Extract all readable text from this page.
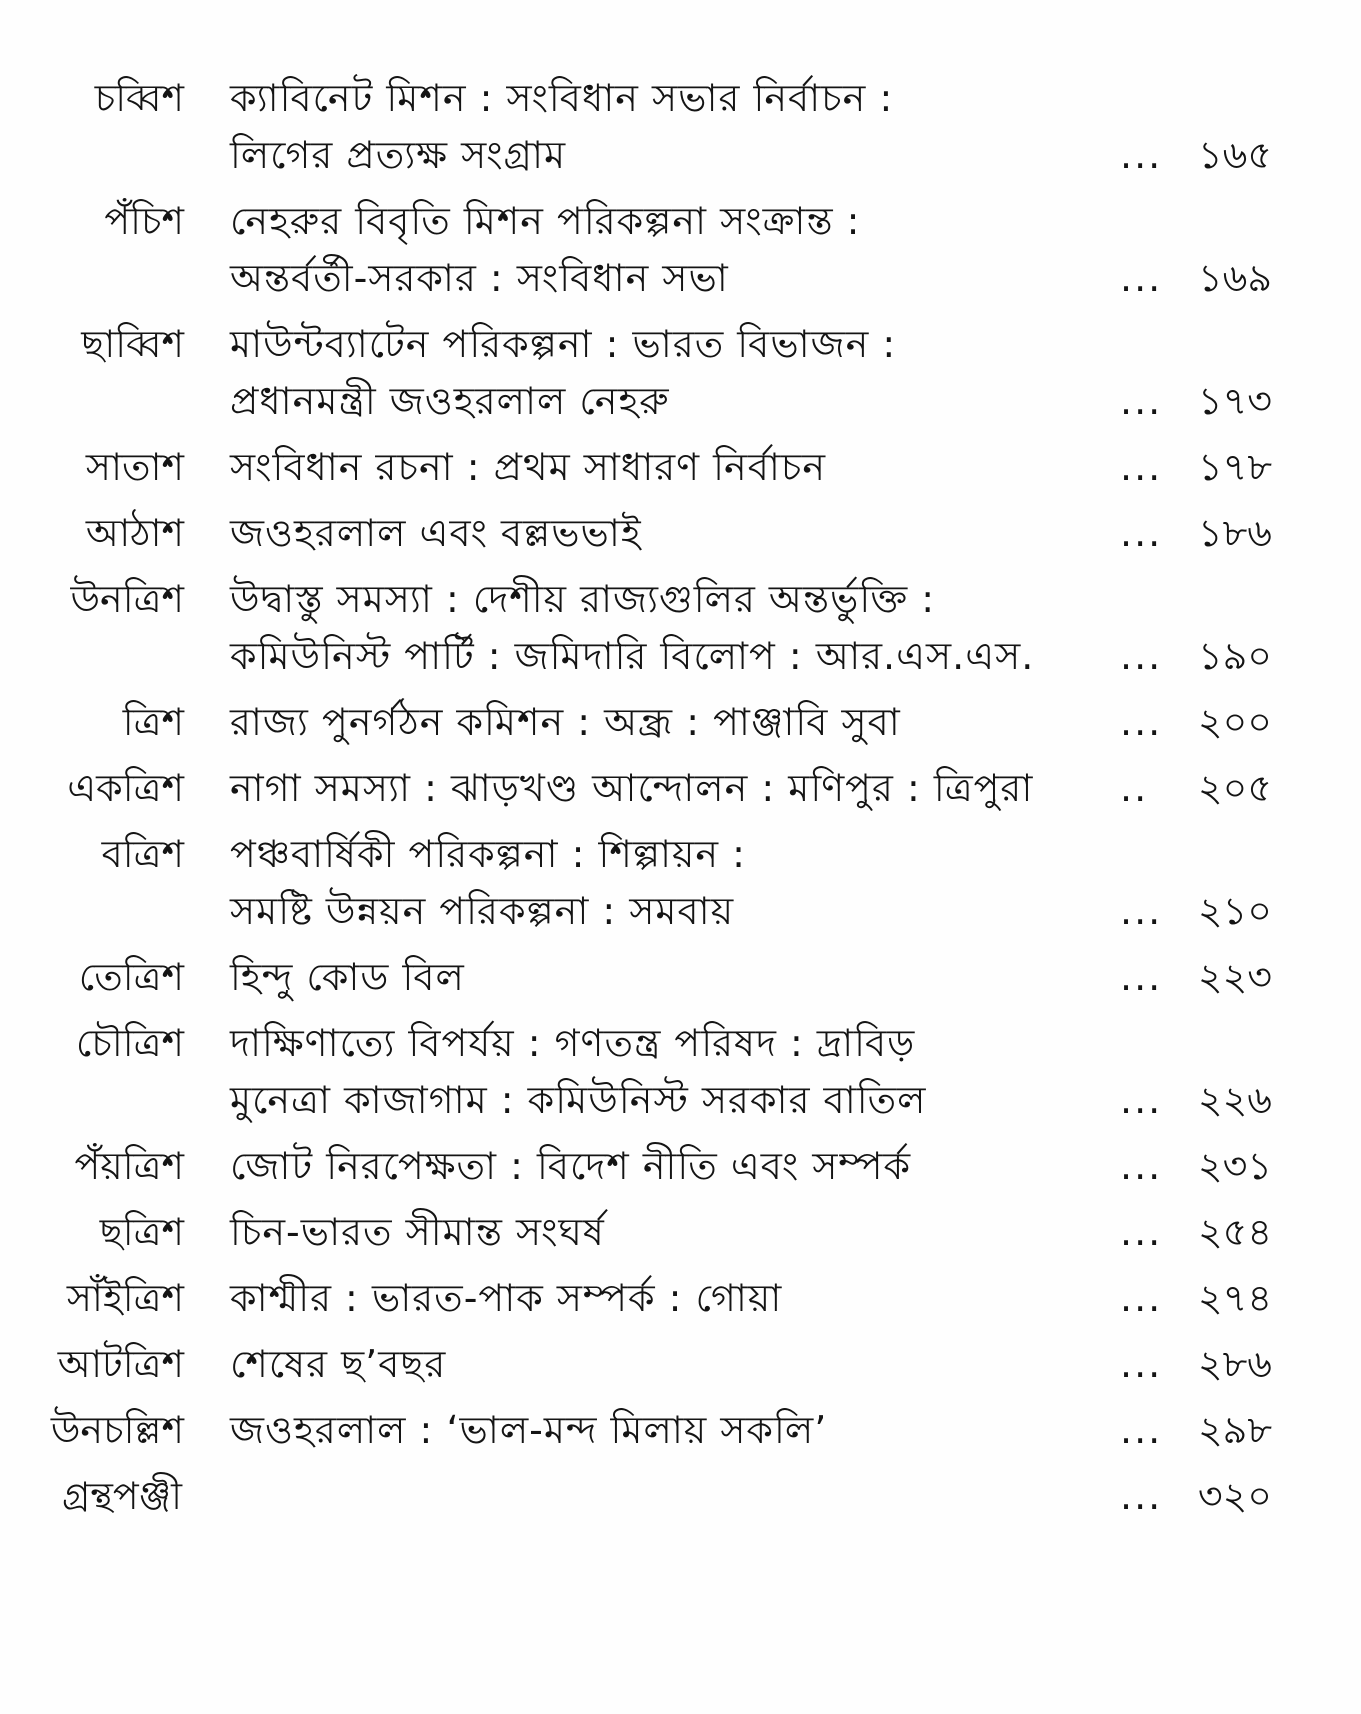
চব্বিশ ক্যাবিনেট মিশন : সংবিধান সভার নির্বাচন :
লিগের প্রত্যক্ষ সংগ্রাম	... ১৬৫
পঁচিশ নেহরুর বিবৃতি মিশন পরিকল্পনা সংক্রান্ত :
অন্তর্বর্তী-সরকার : সংবিধান সভা	... ১৬৯
ছাব্বিশ মাউন্টব্যাটেন পরিকল্পনা : ভারত বিভাজন :
প্রধানমন্ত্রী জওহরলাল নেহরু	... ১৭৩
সাতাশ সংবিধান রচনা : প্রথম সাধারণ নির্বাচন	... ১৭৮
আঠাশ জওহরলাল এবং বল্লভভাই	... ১৮৬
উনত্রিশ উদ্বাস্তু সমস্যা : দেশীয় রাজ্যগুলির অন্তর্ভুক্তি :
কমিউনিস্ট পার্টি : জমিদারি বিলোপ : আর.এস.এস. ... ১৯০
ত্রিশ রাজ্য পুনর্গঠন কমিশন : অন্ধ্র : পাঞ্জাবি সুবা	... ২০০
একত্রিশ নাগা সমস্যা : ঝাড়খণ্ড আন্দোলন : মণিপুর : ত্রিপুরা ..	২০৫
বত্রিশ পঞ্চবার্ষিকী পরিকল্পনা : শিল্পায়ন :
সমষ্টি উন্নয়ন পরিকল্পনা : সমবায়	... ২১০
তেত্রিশ হিন্দু কোড বিল	... ২২৩
চৌত্রিশ দাক্ষিণাত্যে বিপর্যয় : গণতন্ত্র পরিষদ : দ্রাবিড়
মুনেত্রা কাজাগাম : কমিউনিস্ট সরকার বাতিল	... ২২৬
পঁয়ত্রিশ জোট নিরপেক্ষতা : বিদেশ নীতি এবং সম্পর্ক	... ২৩১
ছত্রিশ চিন-ভারত সীমান্ত সংঘর্ষ	... ২৫৪
সাঁইত্রিশ কাশ্মীর : ভারত-পাক সম্পর্ক : গোয়া	... ২৭৪
আটত্রিশ শেষের ছ’বছর	... ২৮৬
উনচল্লিশ জওহরলাল : ‘ভাল-মন্দ মিলায় সকলি’	... ২৯৮
গ্রন্থপঞ্জী	... ৩২০
